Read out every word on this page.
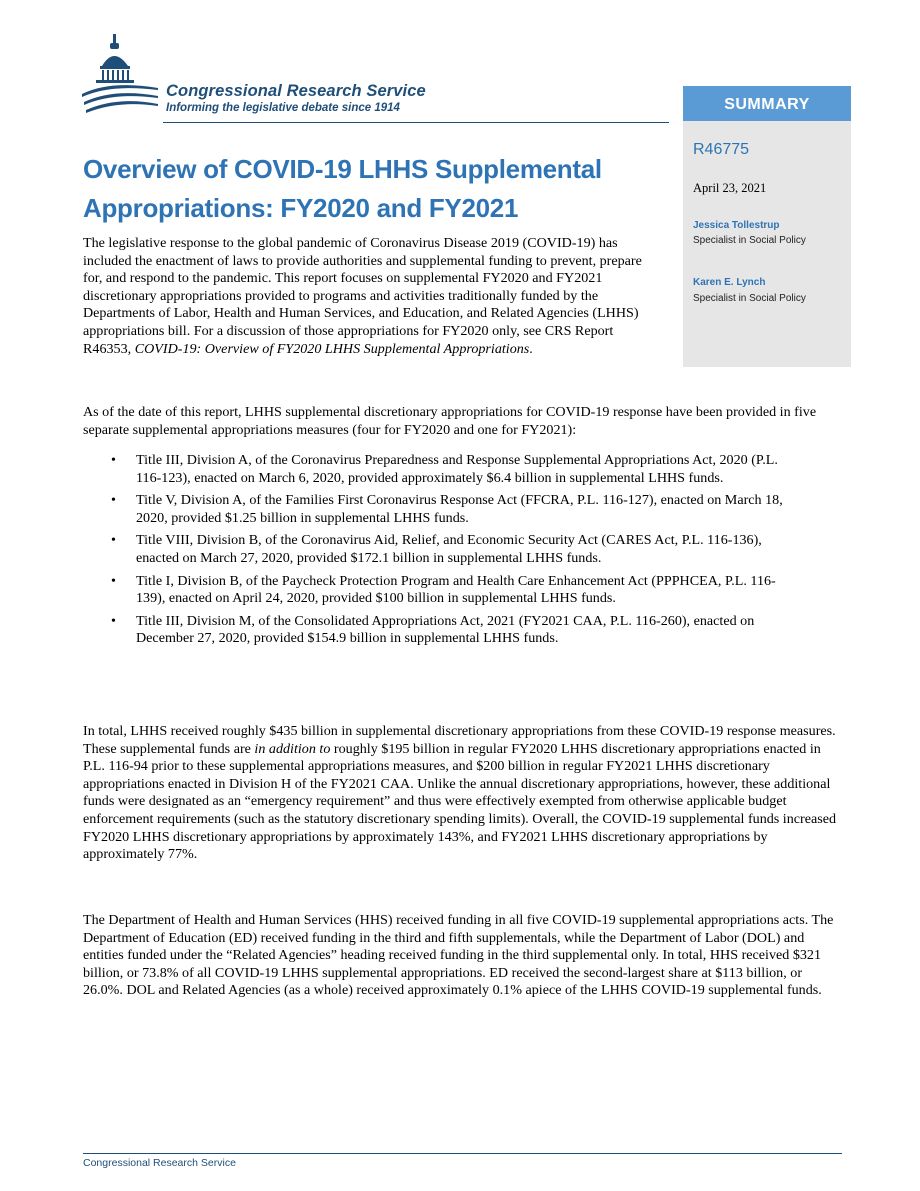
Congressional Research Service
Informing the legislative debate since 1914	SUMMARY
R46775
April 23, 2021
Jessica Tollestrup
Specialist in Social Policy
Karen E. Lynch
Specialist in Social Policy
Overview of COVID-19 LHHS Supplemental Appropriations: FY2020 and FY2021

The legislative response to the global pandemic of Coronavirus Disease 2019 (COVID-19) has included the enactment of laws to provide authorities and supplemental funding to prevent, prepare for, and respond to the pandemic. This report focuses on supplemental FY2020 and FY2021 discretionary appropriations provided to programs and activities traditionally funded by the Departments of Labor, Health and Human Services, and Education, and Related Agencies (LHHS) appropriations bill. For a discussion of those appropriations for FY2020 only, see CRS Report R46353, COVID-19: Overview of FY2020 LHHS Supplemental Appropriations.

As of the date of this report, LHHS supplemental discretionary appropriations for COVID-19 response have been provided in five separate supplemental appropriations measures (four for FY2020 and one for FY2021):

• Title III, Division A, of the Coronavirus Preparedness and Response Supplemental Appropriations Act, 2020 (P.L. 116-123), enacted on March 6, 2020, provided approximately $6.4 billion in supplemental LHHS funds.
• Title V, Division A, of the Families First Coronavirus Response Act (FFCRA, P.L. 116-127), enacted on March 18, 2020, provided $1.25 billion in supplemental LHHS funds.
• Title VIII, Division B, of the Coronavirus Aid, Relief, and Economic Security Act (CARES Act, P.L. 116-136), enacted on March 27, 2020, provided $172.1 billion in supplemental LHHS funds.
• Title I, Division B, of the Paycheck Protection Program and Health Care Enhancement Act (PPPHCEA, P.L. 116-139), enacted on April 24, 2020, provided $100 billion in supplemental LHHS funds.
• Title III, Division M, of the Consolidated Appropriations Act, 2021 (FY2021 CAA, P.L. 116-260), enacted on December 27, 2020, provided $154.9 billion in supplemental LHHS funds.

In total, LHHS received roughly $435 billion in supplemental discretionary appropriations from these COVID-19 response measures. These supplemental funds are in addition to roughly $195 billion in regular FY2020 LHHS discretionary appropriations enacted in P.L. 116-94 prior to these supplemental appropriations measures, and $200 billion in regular FY2021 LHHS discretionary appropriations enacted in Division H of the FY2021 CAA. Unlike the annual discretionary appropriations, however, these additional funds were designated as an “emergency requirement” and thus were effectively exempted from otherwise applicable budget enforcement requirements (such as the statutory discretionary spending limits). Overall, the COVID-19 supplemental funds increased FY2020 LHHS discretionary appropriations by approximately 143%, and FY2021 LHHS discretionary appropriations by approximately 77%.

The Department of Health and Human Services (HHS) received funding in all five COVID-19 supplemental appropriations acts. The Department of Education (ED) received funding in the third and fifth supplementals, while the Department of Labor (DOL) and entities funded under the “Related Agencies” heading received funding in the third supplemental only. In total, HHS received $321 billion, or 73.8% of all COVID-19 LHHS supplemental appropriations. ED received the second-largest share at $113 billion, or 26.0%. DOL and Related Agencies (as a whole) received approximately 0.1% apiece of the LHHS COVID-19 supplemental funds.

Congressional Research Service
